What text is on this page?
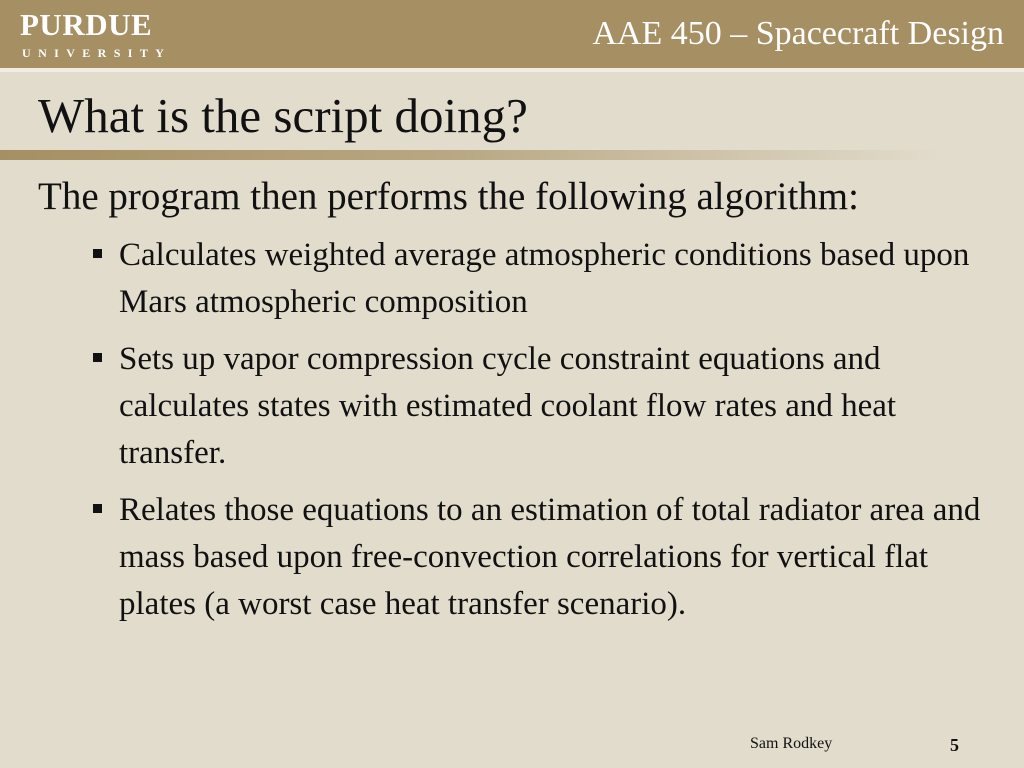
PURDUE
UNIVERSITY
AAE 450 – Spacecraft Design
What is the script doing?

The program then performs the following algorithm:

Calculates weighted average atmospheric conditions based upon Mars atmospheric composition
Sets up vapor compression cycle constraint equations and calculates states with estimated coolant flow rates and heat transfer.
Relates those equations to an estimation of total radiator area and mass based upon free-convection correlations for vertical flat plates (a worst case heat transfer scenario).
Sam Rodkey	5
